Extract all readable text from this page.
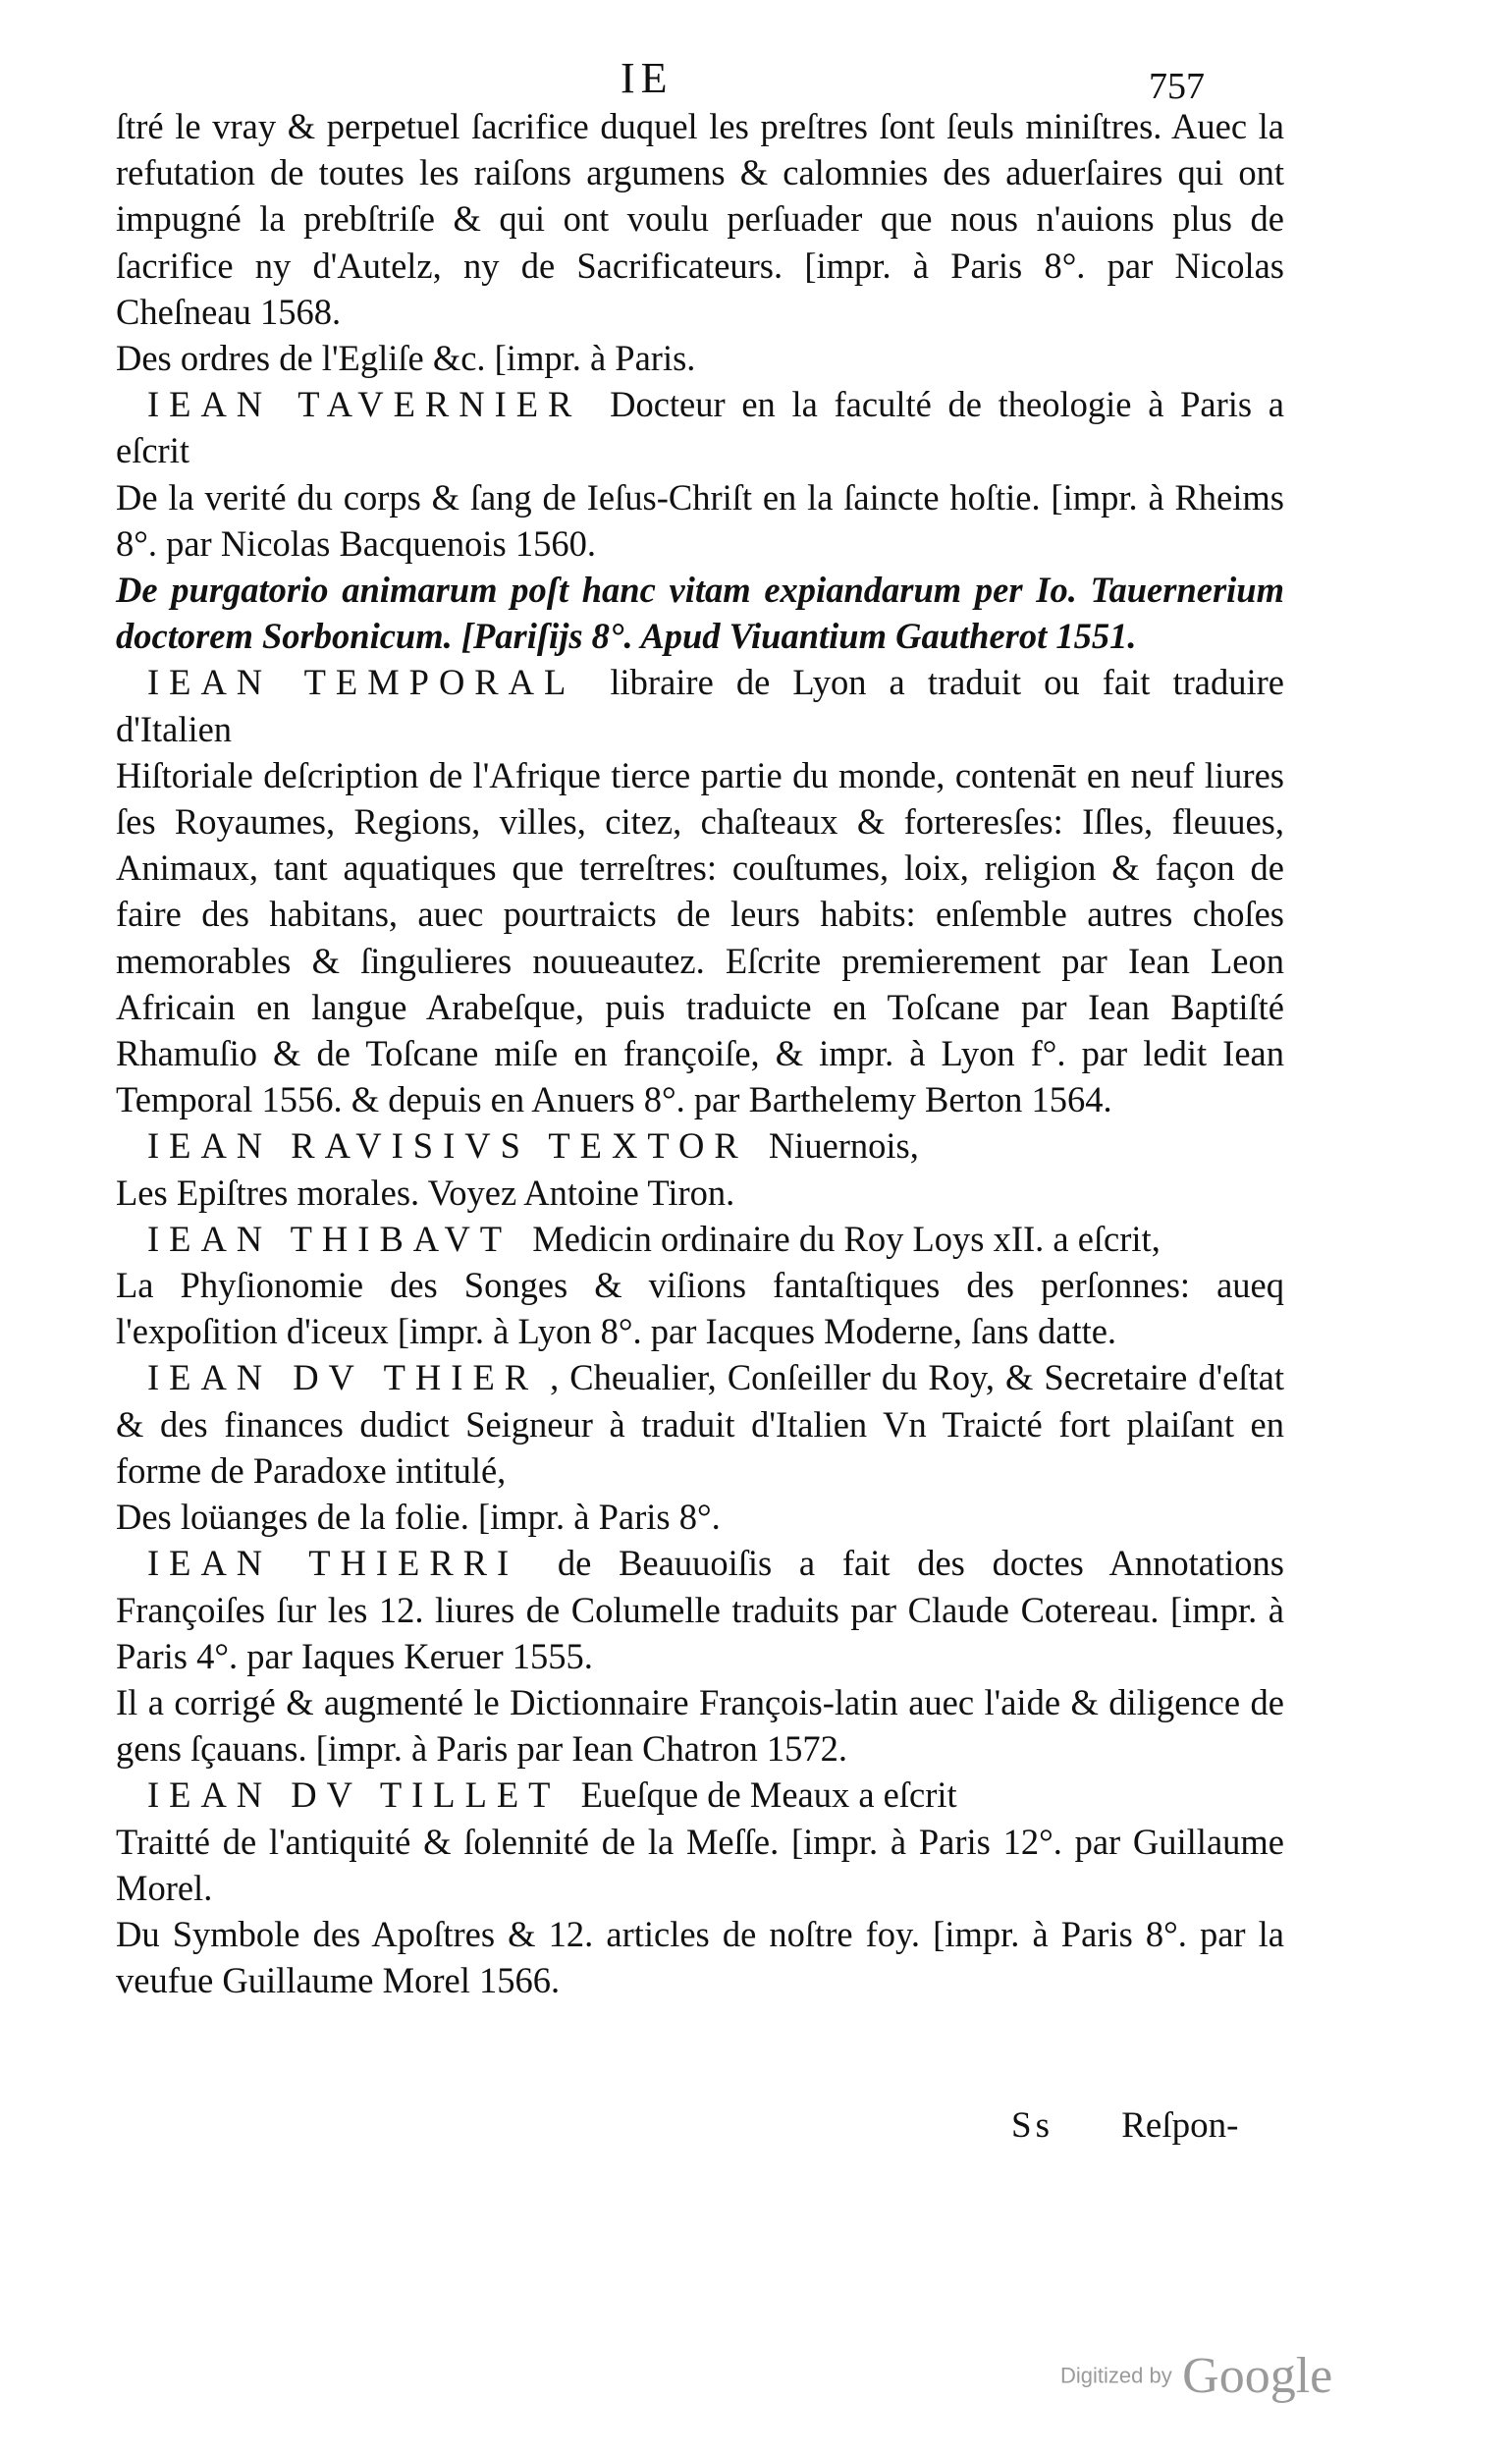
IE	757

ſtré le vray & perpetuel ſacrifice duquel les preſtres ſont ſeuls miniſtres. Auec la refutation de toutes les raiſons argumens & calomnies des aduerſaires qui ont impugné la prebſtriſe & qui ont voulu perſuader que nous n'auions plus de ſacrifice ny d'Autelz, ny de Sacrificateurs. [impr. à Paris 8°. par Nicolas Cheſneau 1568.

Des ordres de l'Egliſe &c. [impr. à Paris.

IEAN TAVERNIER Docteur en la faculté de theologie à Paris a eſcrit

De la verité du corps & ſang de Ieſus-Chriſt en la ſaincte hoſtie. [impr. à Rheims 8°. par Nicolas Bacquenois 1560.

De purgatorio animarum poſt hanc vitam expiandarum per Io. Tauernerium doctorem Sorbonicum. [Pariſijs 8°. Apud Viuantium Gautherot 1551.

IEAN TEMPORAL libraire de Lyon a traduit ou fait traduire d'Italien

Hiſtoriale deſcription de l'Afrique tierce partie du monde, contenāt en neuf liures ſes Royaumes, Regions, villes, citez, chaſteaux & forteresſes: Iſles, fleuues, Animaux, tant aquatiques que terreſtres: couſtumes, loix, religion & façon de faire des habitans, auec pourtraicts de leurs habits: enſemble autres choſes memorables & ſingulieres nouueautez. Eſcrite premierement par Iean Leon Africain en langue Arabeſque, puis traduicte en Toſcane par Iean Baptiſté Rhamuſio & de Toſcane miſe en françoiſe, & impr. à Lyon f°. par ledit Iean Temporal 1556. & depuis en Anuers 8°. par Barthelemy Berton 1564.

IEAN RAVISIVS TEXTOR Niuernois,

Les Epiſtres morales. Voyez Antoine Tiron.

IEAN THIBAVT Medicin ordinaire du Roy Loys xII. a eſcrit,

La Phyſionomie des Songes & viſions fantaſtiques des perſonnes: aueq l'expoſition d'iceux [impr. à Lyon 8°. par Iacques Moderne, ſans datte.

IEAN DV THIER , Cheualier, Conſeiller du Roy, & Secretaire d'eſtat & des finances dudict Seigneur à traduit d'Italien Vn Traicté fort plaiſant en forme de Paradoxe intitulé,

Des loüanges de la folie. [impr. à Paris 8°.

IEAN THIERRI de Beauuoiſis a fait des doctes Annotations Françoiſes ſur les 12. liures de Columelle traduits par Claude Cotereau. [impr. à Paris 4°. par Iaques Keruer 1555.

Il a corrigé & augmenté le Dictionnaire François-latin auec l'aide & diligence de gens ſçauans. [impr. à Paris par Iean Chatron 1572.

IEAN DV TILLET Eueſque de Meaux a eſcrit

Traitté de l'antiquité & ſolennité de la Meſſe. [impr. à Paris 12°. par Guillaume Morel.

Du Symbole des Apoſtres & 12. articles de noſtre foy. [impr. à Paris 8°. par la veufue Guillaume Morel 1566.

Ss Reſpon-
Digitized by Google
